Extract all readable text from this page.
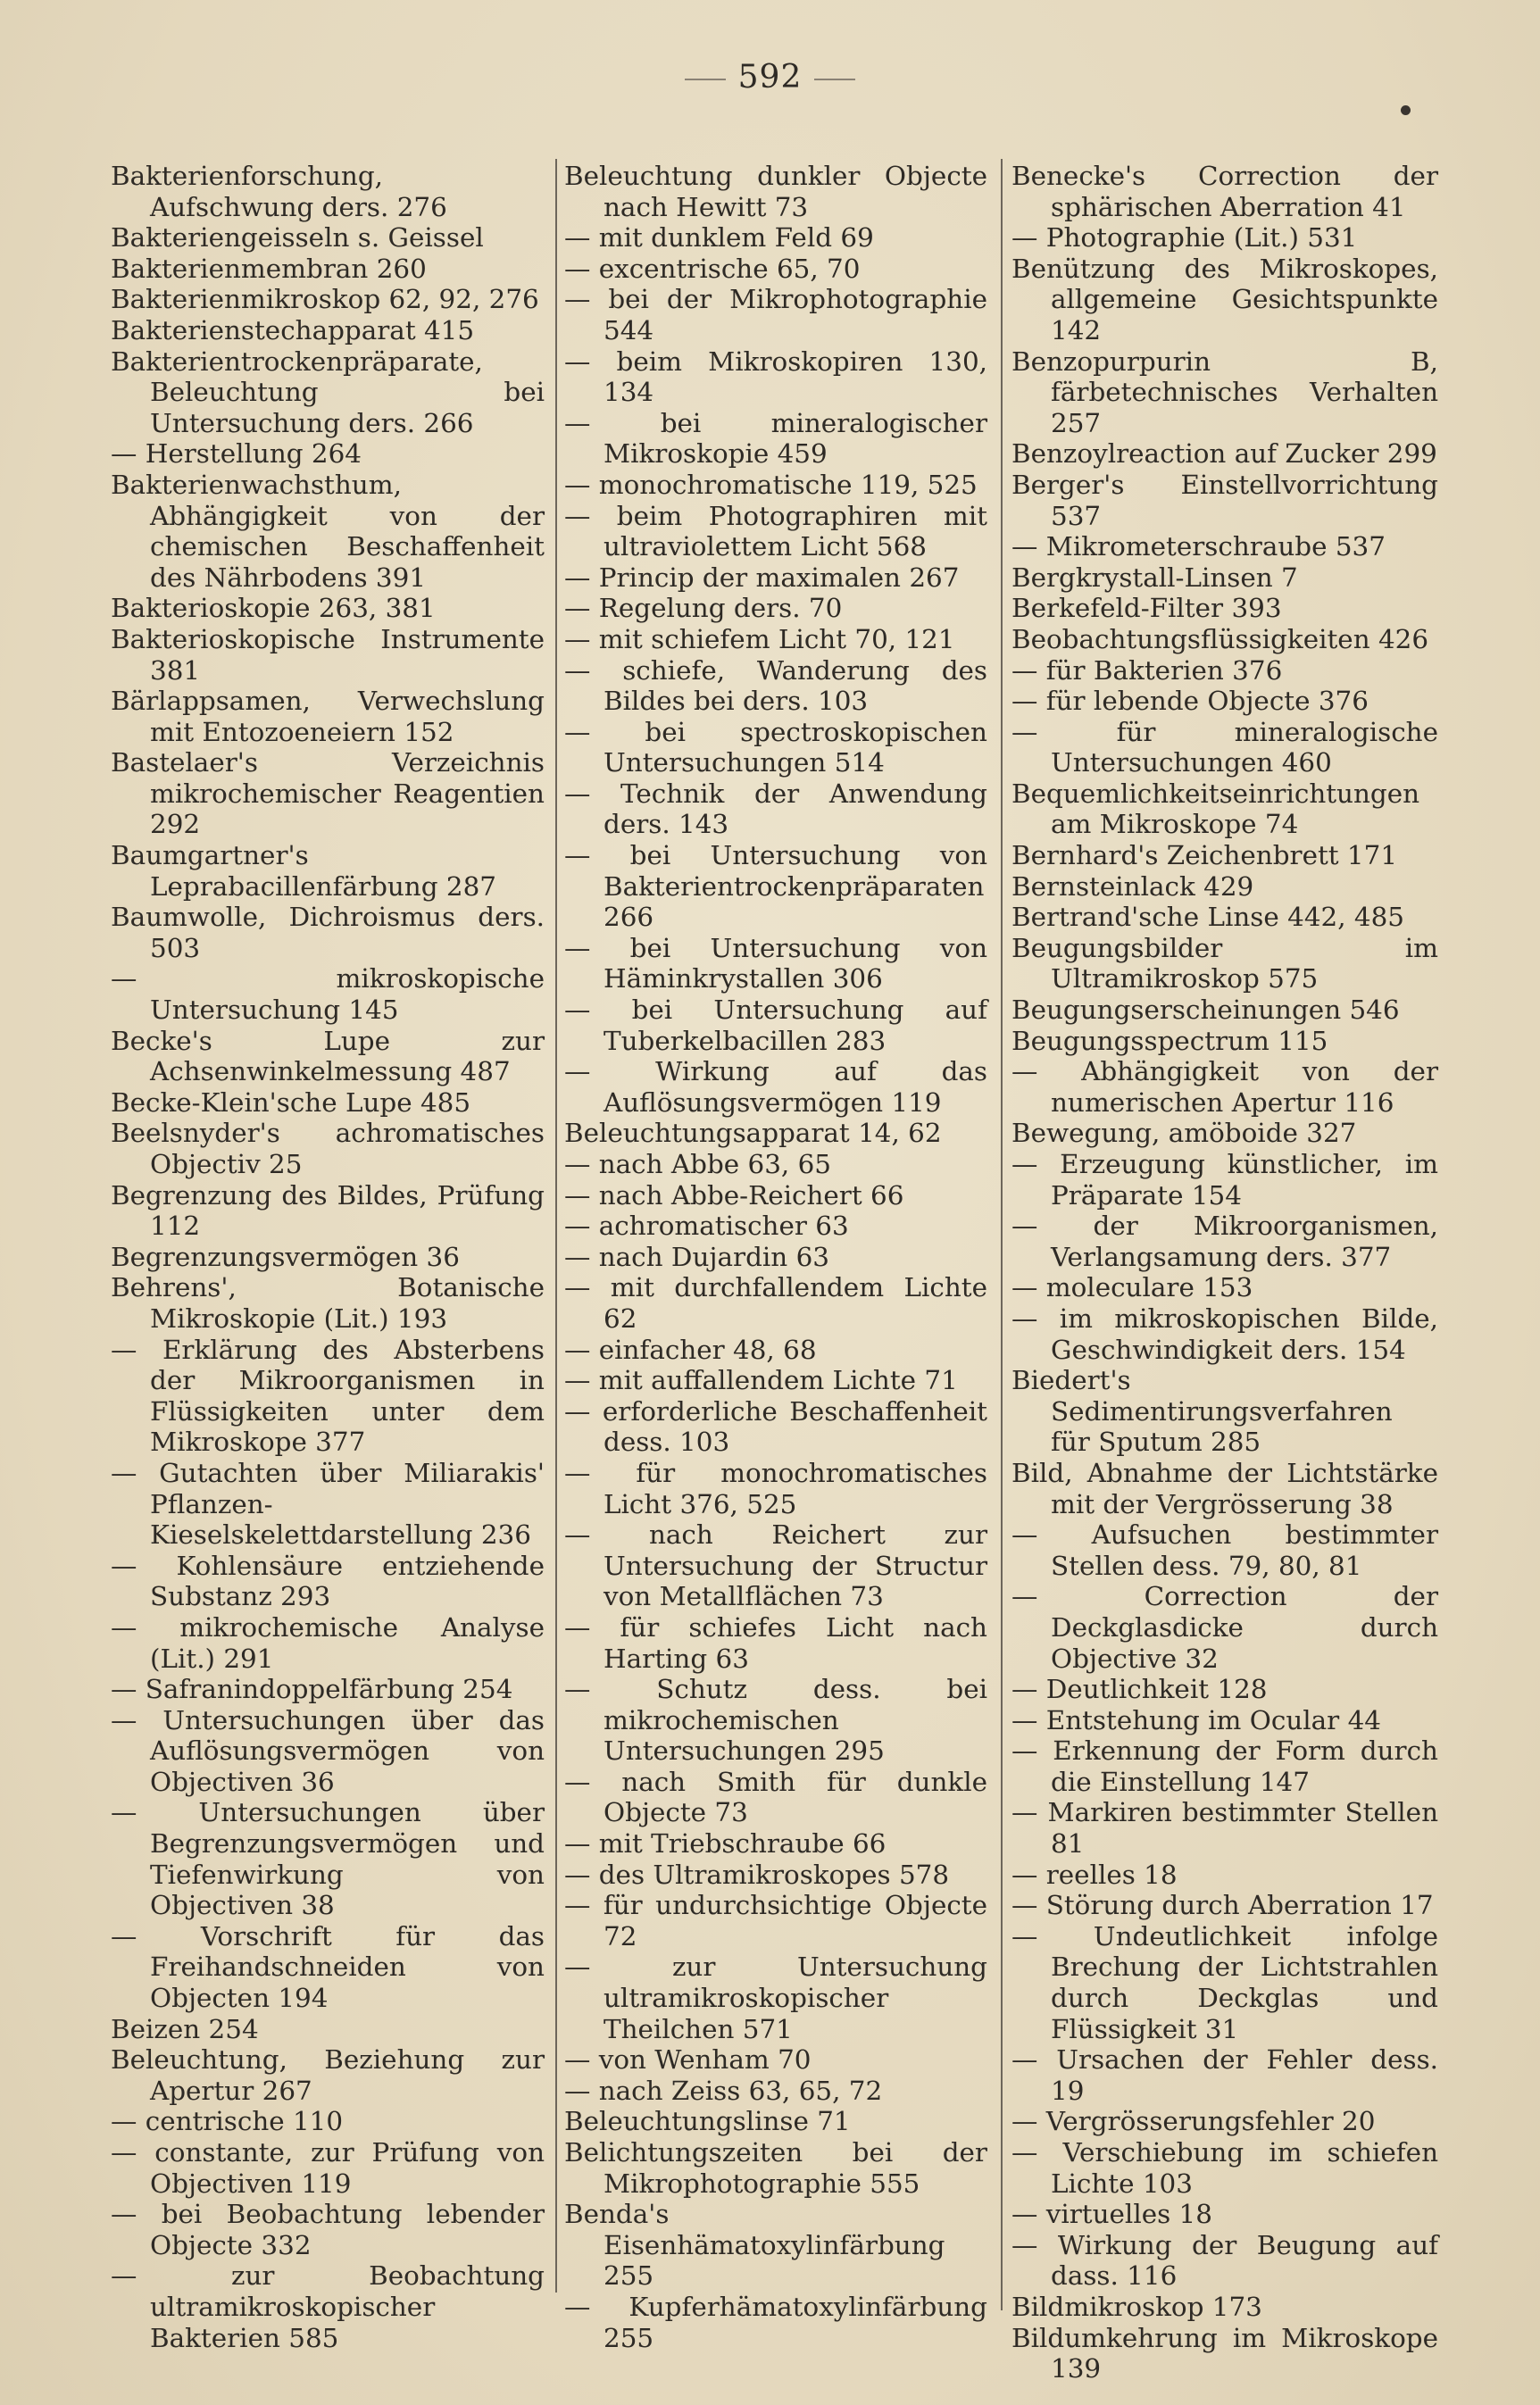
592
Bakterienforschung, Aufschwung ders. 276
Bakteriengeisseln s. Geissel
Bakterienmembran 260
Bakterienmikroskop 62, 92, 276
Bakterienstechapparat 415
Bakterientrockenpräparate, Beleuchtung bei Untersuchung ders. 266
— Herstellung 264
Bakterienwachsthum, Abhängigkeit von der chemischen Beschaffenheit des Nährbodens 391
Bakterioskopie 263, 381
Bakterioskopische Instrumente 381
Bärlappsamen, Verwechslung mit Entozoeneiern 152
Bastelaer's Verzeichnis mikrochemischer Reagentien 292
Baumgartner's Leprabacillenfärbung 287
Baumwolle, Dichroismus ders. 503
— mikroskopische Untersuchung 145
Becke's Lupe zur Achsenwinkelmessung 487
Becke-Klein'sche Lupe 485
Beelsnyder's achromatisches Objectiv 25
Begrenzung des Bildes, Prüfung 112
Begrenzungsvermögen 36
Behrens', Botanische Mikroskopie (Lit.) 193
— Erklärung des Absterbens der Mikroorganismen in Flüssigkeiten unter dem Mikroskope 377
— Gutachten über Miliarakis' Pflanzen-Kieselskelettdarstellung 236
— Kohlensäure entziehende Substanz 293
— mikrochemische Analyse (Lit.) 291
— Safranindoppelfärbung 254
— Untersuchungen über das Auflösungsvermögen von Objectiven 36
— Untersuchungen über Begrenzungsvermögen und Tiefenwirkung von Objectiven 38
— Vorschrift für das Freihandschneiden von Objecten 194
Beizen 254
Beleuchtung, Beziehung zur Apertur 267
— centrische 110
— constante, zur Prüfung von Objectiven 119
— bei Beobachtung lebender Objecte 332
— zur Beobachtung ultramikroskopischer Bakterien 585
Beleuchtung dunkler Objecte nach Hewitt 73
— mit dunklem Feld 69
— excentrische 65, 70
— bei der Mikrophotographie 544
— beim Mikroskopiren 130, 134
— bei mineralogischer Mikroskopie 459
— monochromatische 119, 525
— beim Photographiren mit ultraviolettem Licht 568
— Princip der maximalen 267
— Regelung ders. 70
— mit schiefem Licht 70, 121
— schiefe, Wanderung des Bildes bei ders. 103
— bei spectroskopischen Untersuchungen 514
— Technik der Anwendung ders. 143
— bei Untersuchung von Bakterientrockenpräparaten 266
— bei Untersuchung von Häminkrystallen 306
— bei Untersuchung auf Tuberkelbacillen 283
— Wirkung auf das Auflösungsvermögen 119
Beleuchtungsapparat 14, 62
— nach Abbe 63, 65
— nach Abbe-Reichert 66
— achromatischer 63
— nach Dujardin 63
— mit durchfallendem Lichte 62
— einfacher 48, 68
— mit auffallendem Lichte 71
— erforderliche Beschaffenheit dess. 103
— für monochromatisches Licht 376, 525
— nach Reichert zur Untersuchung der Structur von Metallflächen 73
— für schiefes Licht nach Harting 63
— Schutz dess. bei mikrochemischen Untersuchungen 295
— nach Smith für dunkle Objecte 73
— mit Triebschraube 66
— des Ultramikroskopes 578
— für undurchsichtige Objecte 72
— zur Untersuchung ultramikroskopischer Theilchen 571
— von Wenham 70
— nach Zeiss 63, 65, 72
Beleuchtungslinse 71
Belichtungszeiten bei der Mikrophotographie 555
Benda's Eisenhämatoxylinfärbung 255
— Kupferhämatoxylinfärbung 255
Benecke's Correction der sphärischen Aberration 41
— Photographie (Lit.) 531
Benützung des Mikroskopes, allgemeine Gesichtspunkte 142
Benzopurpurin B, färbetechnisches Verhalten 257
Benzoylreaction auf Zucker 299
Berger's Einstellvorrichtung 537
— Mikrometerschraube 537
Bergkrystall-Linsen 7
Berkefeld-Filter 393
Beobachtungsflüssigkeiten 426
— für Bakterien 376
— für lebende Objecte 376
— für mineralogische Untersuchungen 460
Bequemlichkeitseinrichtungen am Mikroskope 74
Bernhard's Zeichenbrett 171
Bernsteinlack 429
Bertrand'sche Linse 442, 485
Beugungsbilder im Ultramikroskop 575
Beugungserscheinungen 546
Beugungsspectrum 115
— Abhängigkeit von der numerischen Apertur 116
Bewegung, amöboide 327
— Erzeugung künstlicher, im Präparate 154
— der Mikroorganismen, Verlangsamung ders. 377
— moleculare 153
— im mikroskopischen Bilde, Geschwindigkeit ders. 154
Biedert's Sedimentirungsverfahren für Sputum 285
Bild, Abnahme der Lichtstärke mit der Vergrösserung 38
— Aufsuchen bestimmter Stellen dess. 79, 80, 81
— Correction der Deckglasdicke durch Objective 32
— Deutlichkeit 128
— Entstehung im Ocular 44
— Erkennung der Form durch die Einstellung 147
— Markiren bestimmter Stellen 81
— reelles 18
— Störung durch Aberration 17
— Undeutlichkeit infolge Brechung der Lichtstrahlen durch Deckglas und Flüssigkeit 31
— Ursachen der Fehler dess. 19
— Vergrösserungsfehler 20
— Verschiebung im schiefen Lichte 103
— virtuelles 18
— Wirkung der Beugung auf dass. 116
Bildmikroskop 173
Bildumkehrung im Mikroskope 139
